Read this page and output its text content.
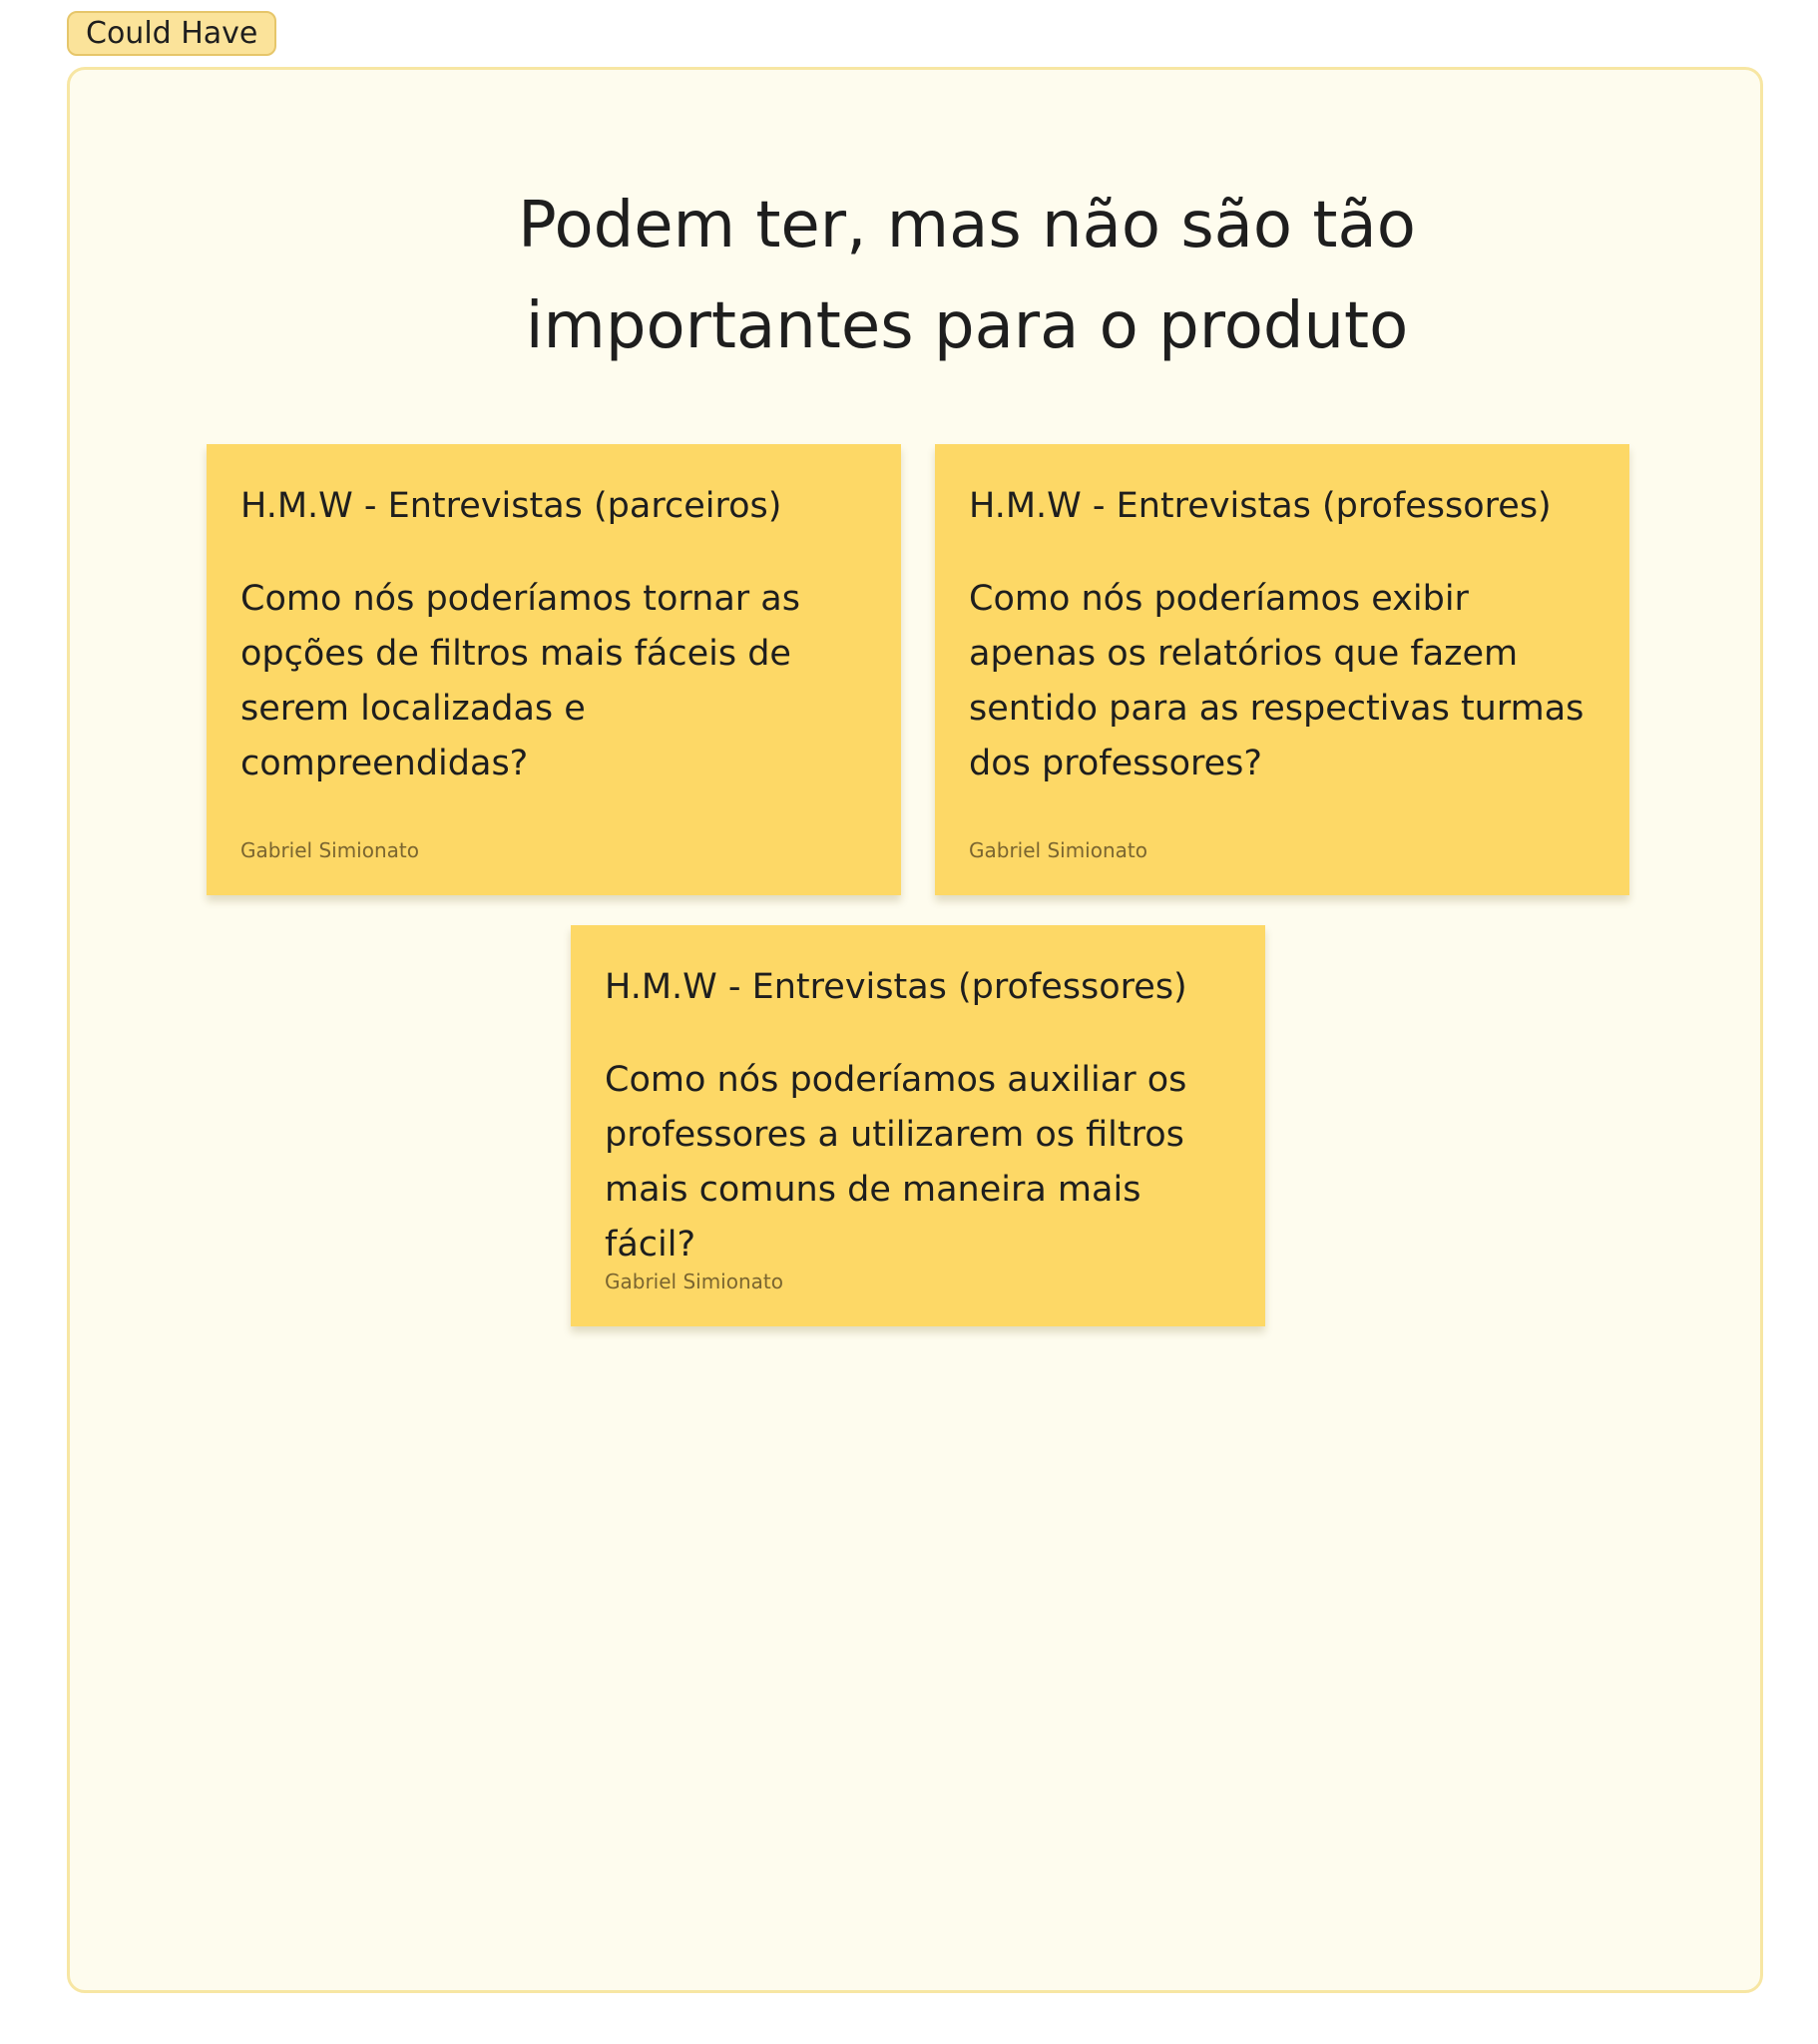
Could Have
Podem ter, mas não são tão importantes para o produto

H.M.W - Entrevistas (parceiros)

Como nós poderíamos tornar as opções de filtros mais fáceis de serem localizadas e compreendidas?

Gabriel Simionato

H.M.W - Entrevistas (professores)

Como nós poderíamos exibir apenas os relatórios que fazem sentido para as respectivas turmas dos professores?

Gabriel Simionato

H.M.W - Entrevistas (professores)

Como nós poderíamos auxiliar os professores a utilizarem os filtros mais comuns de maneira mais fácil?

Gabriel Simionato
